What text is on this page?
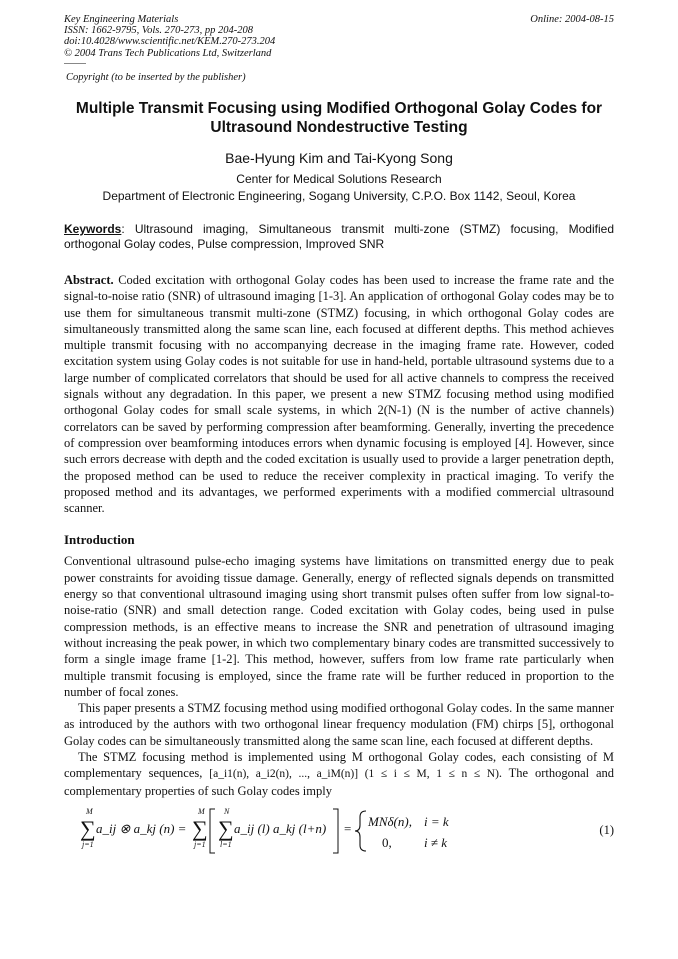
Key Engineering Materials
ISSN: 1662-9795, Vols. 270-273, pp 204-208
doi:10.4028/www.scientific.net/KEM.270-273.204
© 2004 Trans Tech Publications Ltd, Switzerland
Online: 2004-08-15
Copyright (to be inserted by the publisher)
Multiple Transmit Focusing using Modified Orthogonal Golay Codes for Ultrasound Nondestructive Testing
Bae-Hyung Kim and Tai-Kyong Song
Center for Medical Solutions Research
Department of Electronic Engineering, Sogang University, C.P.O. Box 1142, Seoul, Korea
Keywords: Ultrasound imaging, Simultaneous transmit multi-zone (STMZ) focusing, Modified orthogonal Golay codes, Pulse compression, Improved SNR
Abstract. Coded excitation with orthogonal Golay codes has been used to increase the frame rate and the signal-to-noise ratio (SNR) of ultrasound imaging [1-3]. An application of orthogonal Golay codes may be to use them for simultaneous transmit multi-zone (STMZ) focusing, in which orthogonal Golay codes are simultaneously transmitted along the same scan line, each focused at different depths. This method achieves multiple transmit focusing with no accompanying decrease in the imaging frame rate. However, coded excitation system using Golay codes is not suitable for use in hand-held, portable ultrasound systems due to a large number of complicated correlators that should be used for all active channels to compress the received signals without any degradation. In this paper, we present a new STMZ focusing method using modified orthogonal Golay codes for small scale systems, in which 2(N-1) (N is the number of active channels) correlators can be saved by performing compression after beamforming. Generally, inverting the precedence of compression over beamforming intoduces errors when dynamic focusing is employed [4]. However, since such errors decrease with depth and the coded excitation is usually used to provide a larger penetration depth, the proposed method can be used to reduce the receiver complexity in practical imaging. To verify the proposed method and its advantages, we performed experiments with a modified commercial ultrasound scanner.
Introduction
Conventional ultrasound pulse-echo imaging systems have limitations on transmitted energy due to peak power constraints for avoiding tissue damage. Generally, energy of reflected signals depends on transmitted energy so that conventional ultrasound imaging using short transmit pulses often suffer from low signal-to-noise-ratio (SNR) and small detection range. Coded excitation with Golay codes, being used in pulse compression methods, is an effective means to increase the SNR and penetration of ultrasound imaging without increasing the peak power, in which two complementary binary codes are transmitted successively to form a single image frame [1-2]. This method, however, suffers from low frame rate particularly when multiple transmit focusing is employed, since the frame rate will be further reduced in proportion to the number of focal zones.
This paper presents a STMZ focusing method using modified orthogonal Golay codes. In the same manner as introduced by the authors with two orthogonal linear frequency modulation (FM) chirps [5], orthogonal Golay codes can be simultaneously transmitted along the same scan line, each focused at different depths.
The STMZ focusing method is implemented using M orthogonal Golay codes, each consisting of M complementary sequences, [a_i1(n), a_i2(n), ..., a_iM(n)] (1 ≤ i ≤ M, 1 ≤ n ≤ N). The orthogonal and complementary properties of such Golay codes imply
M
∑
j=1
a_ij ⊗ a_kj (n) =
M
∑
j=1
N
∑
l=1
a_ij (l) a_kj (l+n) = MNδ(n), i = k
0, i ≠ k
(1)
